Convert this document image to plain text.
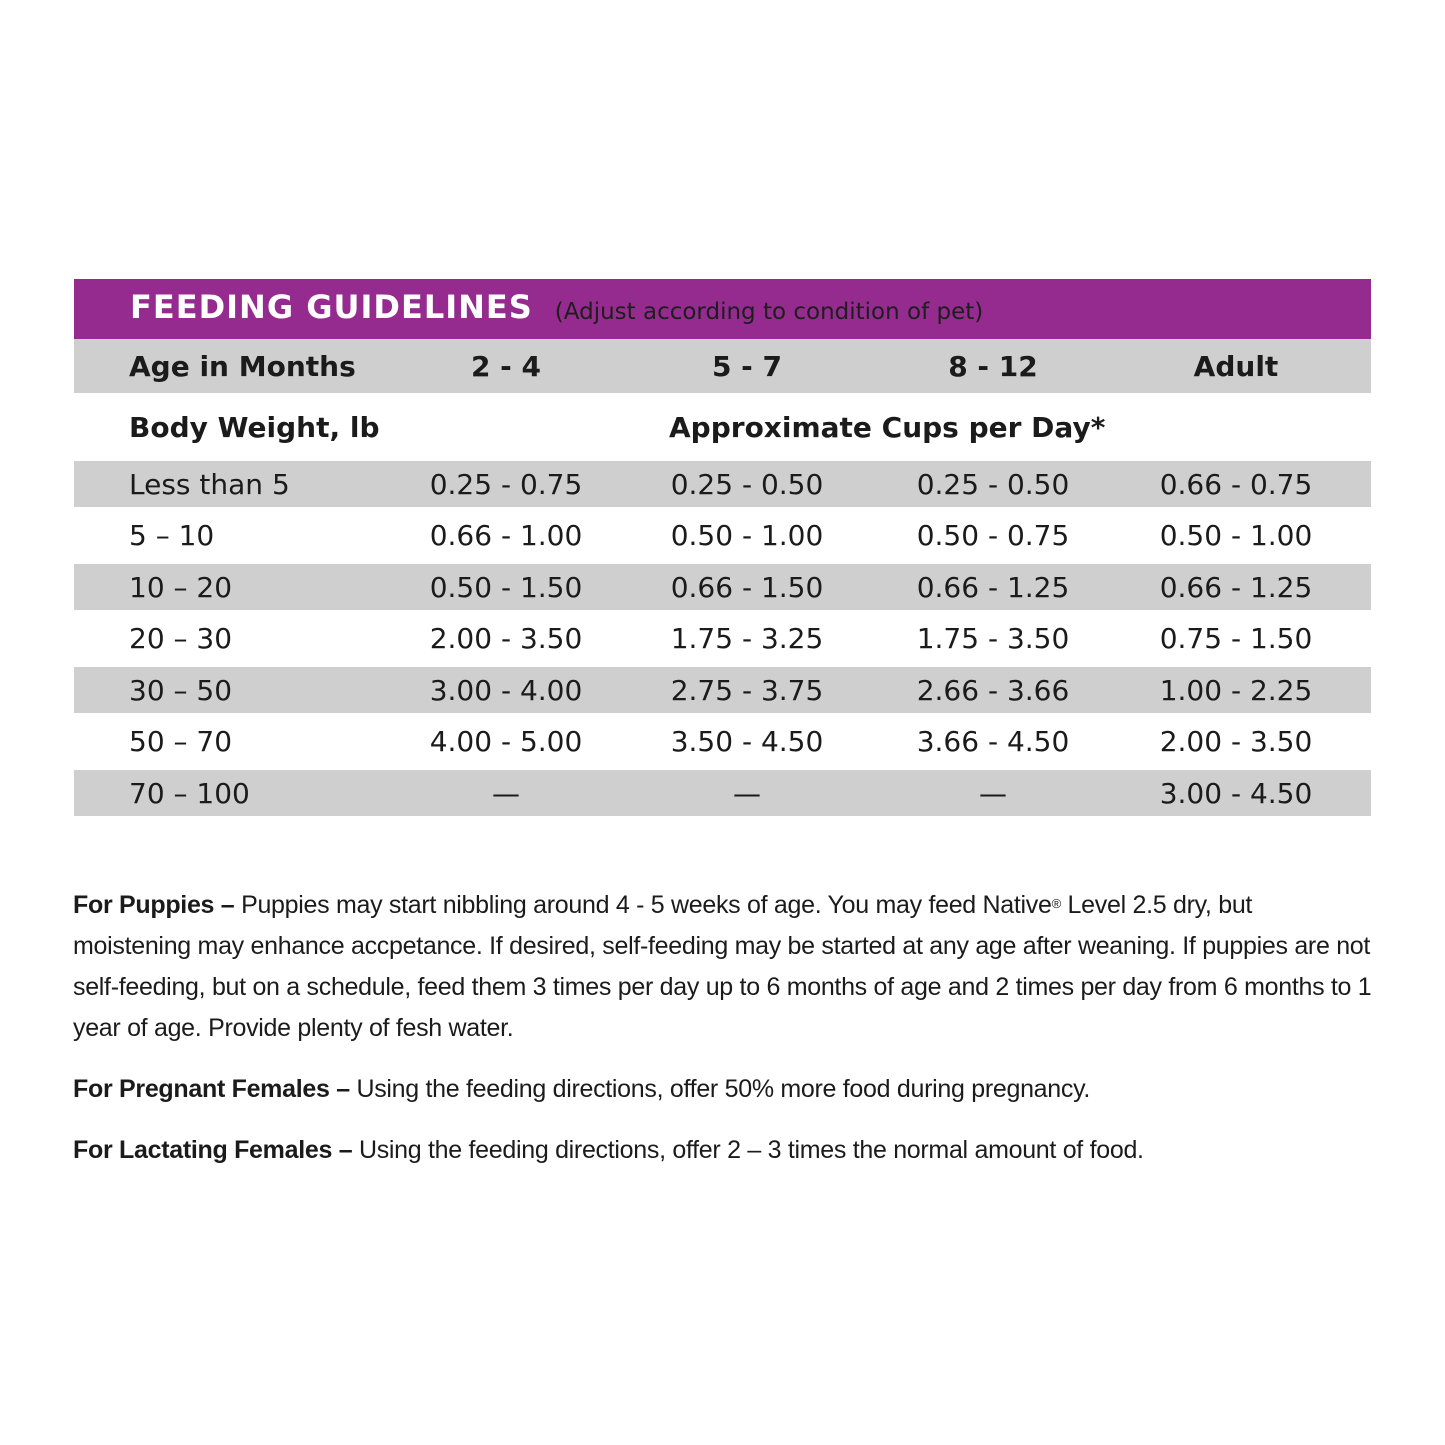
FEEDING GUIDELINES (Adjust according to condition of pet)
Age in Months	2 - 4	5 - 7	8 - 12	Adult
Body Weight, lb	Approximate Cups per Day*
Less than 5	0.25 - 0.75	0.25 - 0.50	0.25 - 0.50	0.66 - 0.75
5 – 10	0.66 - 1.00	0.50 - 1.00	0.50 - 0.75	0.50 - 1.00
10 – 20	0.50 - 1.50	0.66 - 1.50	0.66 - 1.25	0.66 - 1.25
20 – 30	2.00 - 3.50	1.75 - 3.25	1.75 - 3.50	0.75 - 1.50
30 – 50	3.00 - 4.00	2.75 - 3.75	2.66 - 3.66	1.00 - 2.25
50 – 70	4.00 - 5.00	3.50 - 4.50	3.66 - 4.50	2.00 - 3.50
70 – 100	—	—	—	3.00 - 4.50

For Puppies – Puppies may start nibbling around 4 - 5 weeks of age. You may feed Native® Level 2.5 dry, but moistening may enhance accpetance. If desired, self-feeding may be started at any age after weaning. If puppies are not self-feeding, but on a schedule, feed them 3 times per day up to 6 months of age and 2 times per day from 6 months to 1 year of age. Provide plenty of fesh water.

For Pregnant Females – Using the feeding directions, offer 50% more food during pregnancy.

For Lactating Females – Using the feeding directions, offer 2 – 3 times the normal amount of food.
